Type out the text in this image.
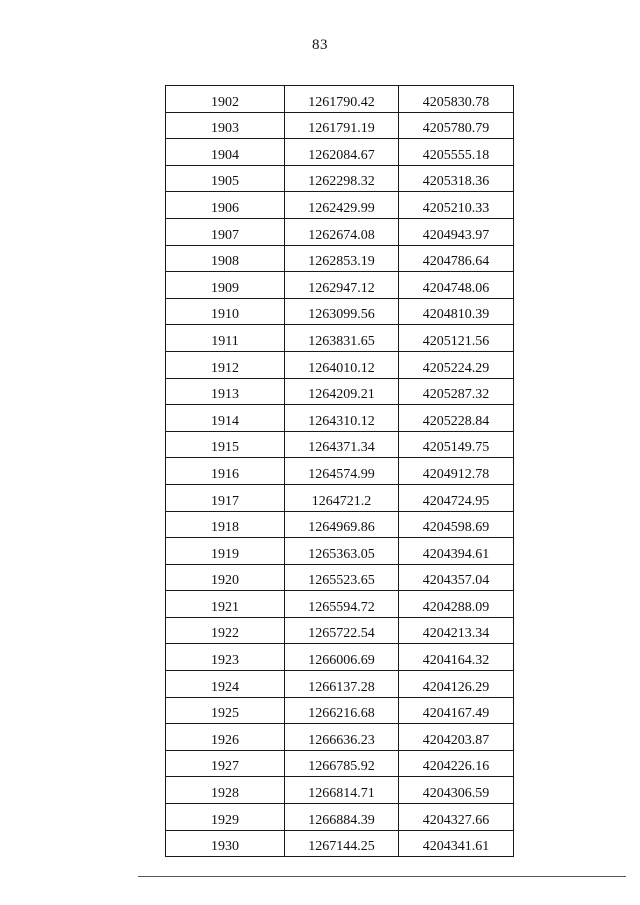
83
1902	1261790.42	4205830.78
1903	1261791.19	4205780.79
1904	1262084.67	4205555.18
1905	1262298.32	4205318.36
1906	1262429.99	4205210.33
1907	1262674.08	4204943.97
1908	1262853.19	4204786.64
1909	1262947.12	4204748.06
1910	1263099.56	4204810.39
1911	1263831.65	4205121.56
1912	1264010.12	4205224.29
1913	1264209.21	4205287.32
1914	1264310.12	4205228.84
1915	1264371.34	4205149.75
1916	1264574.99	4204912.78
1917	1264721.2	4204724.95
1918	1264969.86	4204598.69
1919	1265363.05	4204394.61
1920	1265523.65	4204357.04
1921	1265594.72	4204288.09
1922	1265722.54	4204213.34
1923	1266006.69	4204164.32
1924	1266137.28	4204126.29
1925	1266216.68	4204167.49
1926	1266636.23	4204203.87
1927	1266785.92	4204226.16
1928	1266814.71	4204306.59
1929	1266884.39	4204327.66
1930	1267144.25	4204341.61
